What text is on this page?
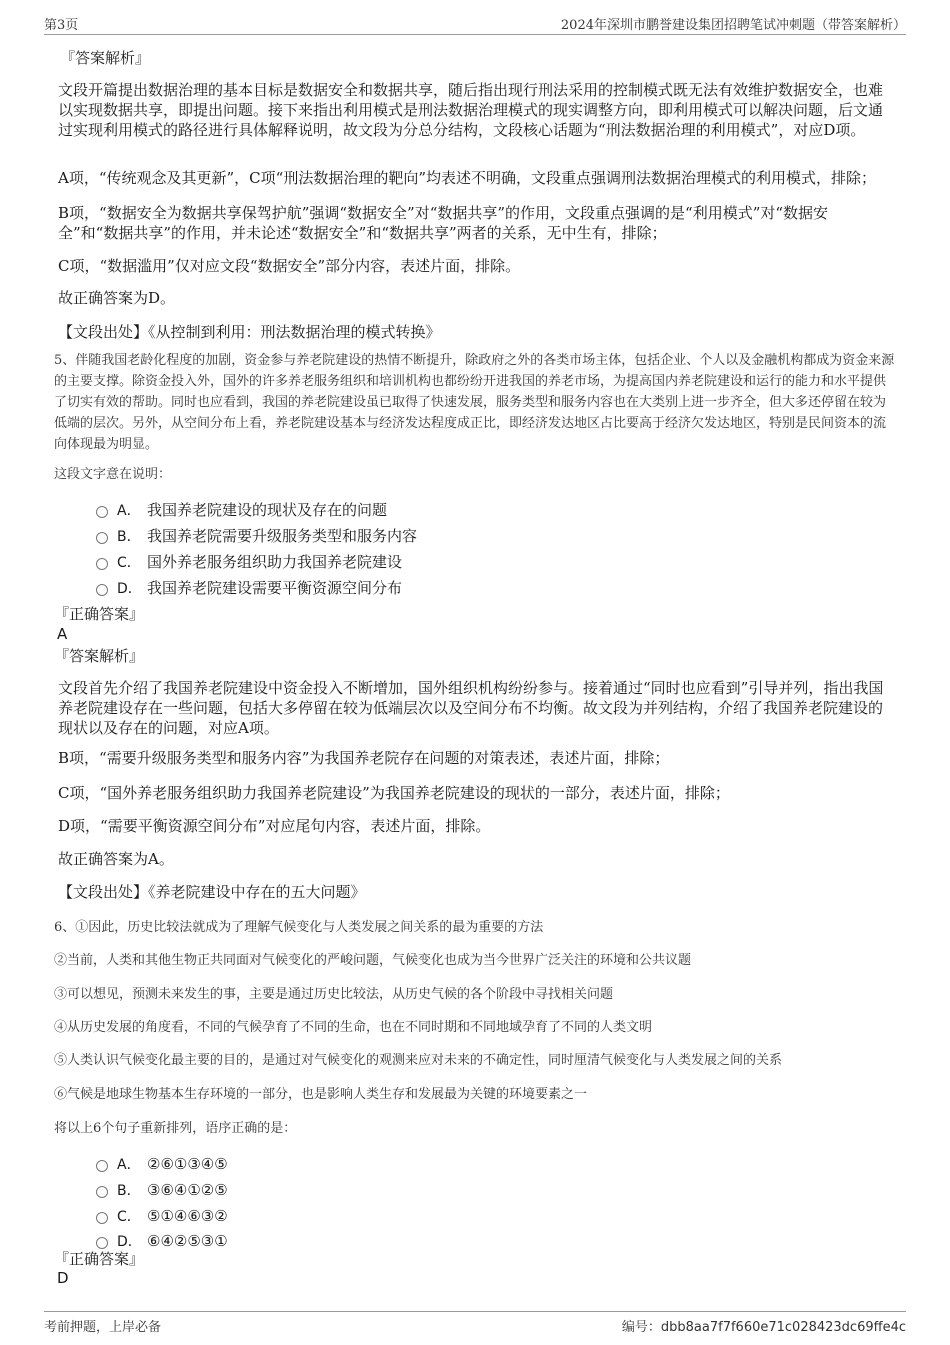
第3页	2024年深圳市鹏誉建设集团招聘笔试冲刺题（带答案解析）

『答案解析』

文段开篇提出数据治理的基本目标是数据安全和数据共享，随后指出现行刑法采用的控制模式既无法有效维护数据安全，也难以实现数据共享，即提出问题。接下来指出利用模式是刑法数据治理模式的现实调整方向，即利用模式可以解决问题，后文通过实现利用模式的路径进行具体解释说明，故文段为分总分结构，文段核心话题为“刑法数据治理的利用模式”，对应D项。

A项，“传统观念及其更新”，C项“刑法数据治理的靶向”均表述不明确，文段重点强调刑法数据治理模式的利用模式，排除；

B项，“数据安全为数据共享保驾护航”强调“数据安全”对“数据共享”的作用，文段重点强调的是“利用模式”对“数据安全”和“数据共享”的作用，并未论述“数据安全”和“数据共享”两者的关系，无中生有，排除；

C项，“数据滥用”仅对应文段“数据安全”部分内容，表述片面，排除。

故正确答案为D。

【文段出处】《从控制到利用：刑法数据治理的模式转换》

5、伴随我国老龄化程度的加剧，资金参与养老院建设的热情不断提升，除政府之外的各类市场主体，包括企业、个人以及金融机构都成为资金来源的主要支撑。除资金投入外，国外的许多养老服务组织和培训机构也都纷纷开进我国的养老市场，为提高国内养老院建设和运行的能力和水平提供了切实有效的帮助。同时也应看到，我国的养老院建设虽已取得了快速发展，服务类型和服务内容也在大类别上进一步齐全，但大多还停留在较为低端的层次。另外，从空间分布上看，养老院建设基本与经济发达程度成正比，即经济发达地区占比要高于经济欠发达地区，特别是民间资本的流向体现最为明显。

这段文字意在说明：

A． 我国养老院建设的现状及存在的问题
B． 我国养老院需要升级服务类型和服务内容
C． 国外养老服务组织助力我国养老院建设
D． 我国养老院建设需要平衡资源空间分布

『正确答案』

A

『答案解析』

文段首先介绍了我国养老院建设中资金投入不断增加，国外组织机构纷纷参与。接着通过“同时也应看到”引导并列，指出我国养老院建设存在一些问题，包括大多停留在较为低端层次以及空间分布不均衡。故文段为并列结构，介绍了我国养老院建设的现状以及存在的问题，对应A项。

B项，“需要升级服务类型和服务内容”为我国养老院存在问题的对策表述，表述片面，排除；

C项，“国外养老服务组织助力我国养老院建设”为我国养老院建设的现状的一部分，表述片面，排除；

D项，“需要平衡资源空间分布”对应尾句内容，表述片面，排除。

故正确答案为A。

【文段出处】《养老院建设中存在的五大问题》

6、①因此，历史比较法就成为了理解气候变化与人类发展之间关系的最为重要的方法

②当前，人类和其他生物正共同面对气候变化的严峻问题，气候变化也成为当今世界广泛关注的环境和公共议题

③可以想见，预测未来发生的事，主要是通过历史比较法，从历史气候的各个阶段中寻找相关问题

④从历史发展的角度看，不同的气候孕育了不同的生命，也在不同时期和不同地域孕育了不同的人类文明

⑤人类认识气候变化最主要的目的，是通过对气候变化的观测来应对未来的不确定性，同时厘清气候变化与人类发展之间的关系

⑥气候是地球生物基本生存环境的一部分，也是影响人类生存和发展最为关键的环境要素之一

将以上6个句子重新排列，语序正确的是：

A． ②⑥①③④⑤
B． ③⑥④①②⑤
C． ⑤①④⑥③②
D． ⑥④②⑤③①

『正确答案』

D

考前押题，上岸必备	编号：dbb8aa7f7f660e71c028423dc69ffe4c
